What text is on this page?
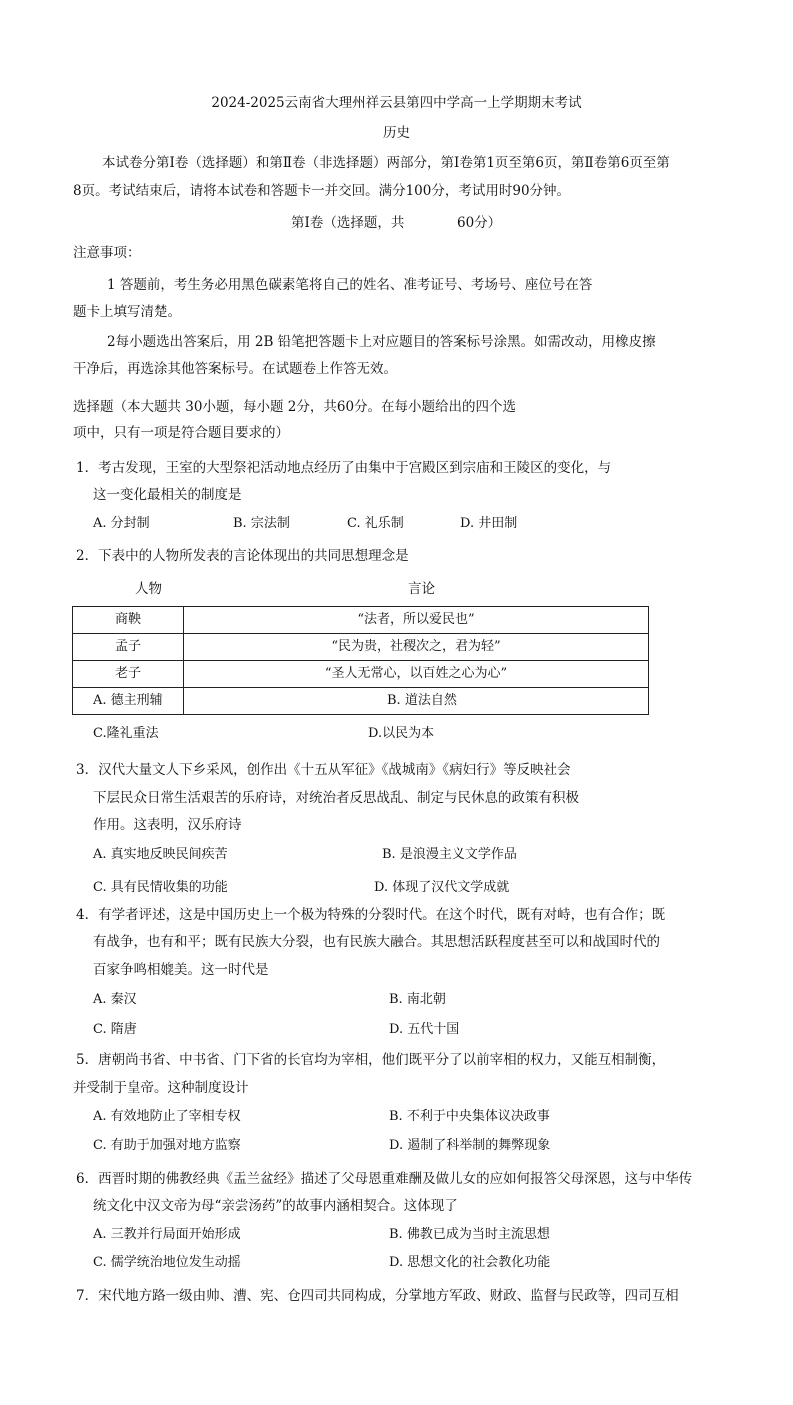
2024-2025云南省大理州祥云县第四中学高一上学期期末考试
历史
本试卷分第Ⅰ卷（选择题）和第Ⅱ卷（非选择题）两部分，第Ⅰ卷第1页至第6页，第Ⅱ卷第6页至第
8页。考试结束后，请将本试卷和答题卡一并交回。满分100分，考试用时90分钟。
第Ⅰ卷（选择题，共	60分）
注意事项：
1 答题前，考生务必用黑色碳素笔将自己的姓名、准考证号、考场号、座位号在答
题卡上填写清楚。
2每小题选出答案后，用 2B 铅笔把答题卡上对应题目的答案标号涂黑。如需改动，用橡皮擦
干净后，再选涂其他答案标号。在试题卷上作答无效。
选择题（本大题共 30小题，每小题 2分，共60分。在每小题给出的四个选
项中，只有一项是符合题目要求的）
1．考古发现，王室的大型祭祀活动地点经历了由集中于宫殿区到宗庙和王陵区的变化，与
这一变化最相关的制度是
A. 分封制	B. 宗法制	C. 礼乐制	D. 井田制
2．下表中的人物所发表的言论体现出的共同思想理念是
人物	言论
商鞅	“法者，所以爱民也”
孟子	“民为贵，社稷次之，君为轻”
老子	“圣人无常心，以百姓之心为心”
A. 德主刑辅	B. 道法自然
C.隆礼重法	D.以民为本
3．汉代大量文人下乡采风，创作出《十五从军征》《战城南》《病妇行》等反映社会
下层民众日常生活艰苦的乐府诗，对统治者反思战乱、制定与民休息的政策有积极
作用。这表明，汉乐府诗
A. 真实地反映民间疾苦	B. 是浪漫主义文学作品
C. 具有民情收集的功能	D. 体现了汉代文学成就
4．有学者评述，这是中国历史上一个极为特殊的分裂时代。在这个时代，既有对峙，也有合作；既
有战争，也有和平；既有民族大分裂，也有民族大融合。其思想活跃程度甚至可以和战国时代的
百家争鸣相媲美。这一时代是
A. 秦汉	B. 南北朝
C. 隋唐	D. 五代十国
5．唐朝尚书省、中书省、门下省的长官均为宰相，他们既平分了以前宰相的权力，又能互相制衡，
并受制于皇帝。这种制度设计
A. 有效地防止了宰相专权	B. 不利于中央集体议决政事
C. 有助于加强对地方监察	D. 遏制了科举制的舞弊现象
6．西晋时期的佛教经典《盂兰盆经》描述了父母恩重难酬及做儿女的应如何报答父母深恩，这与中华传
统文化中汉文帝为母“亲尝汤药”的故事内涵相契合。这体现了
A. 三教并行局面开始形成	B. 佛教已成为当时主流思想
C. 儒学统治地位发生动摇	D. 思想文化的社会教化功能
7．宋代地方路一级由帅、漕、宪、仓四司共同构成，分掌地方军政、财政、监督与民政等，四司互相
